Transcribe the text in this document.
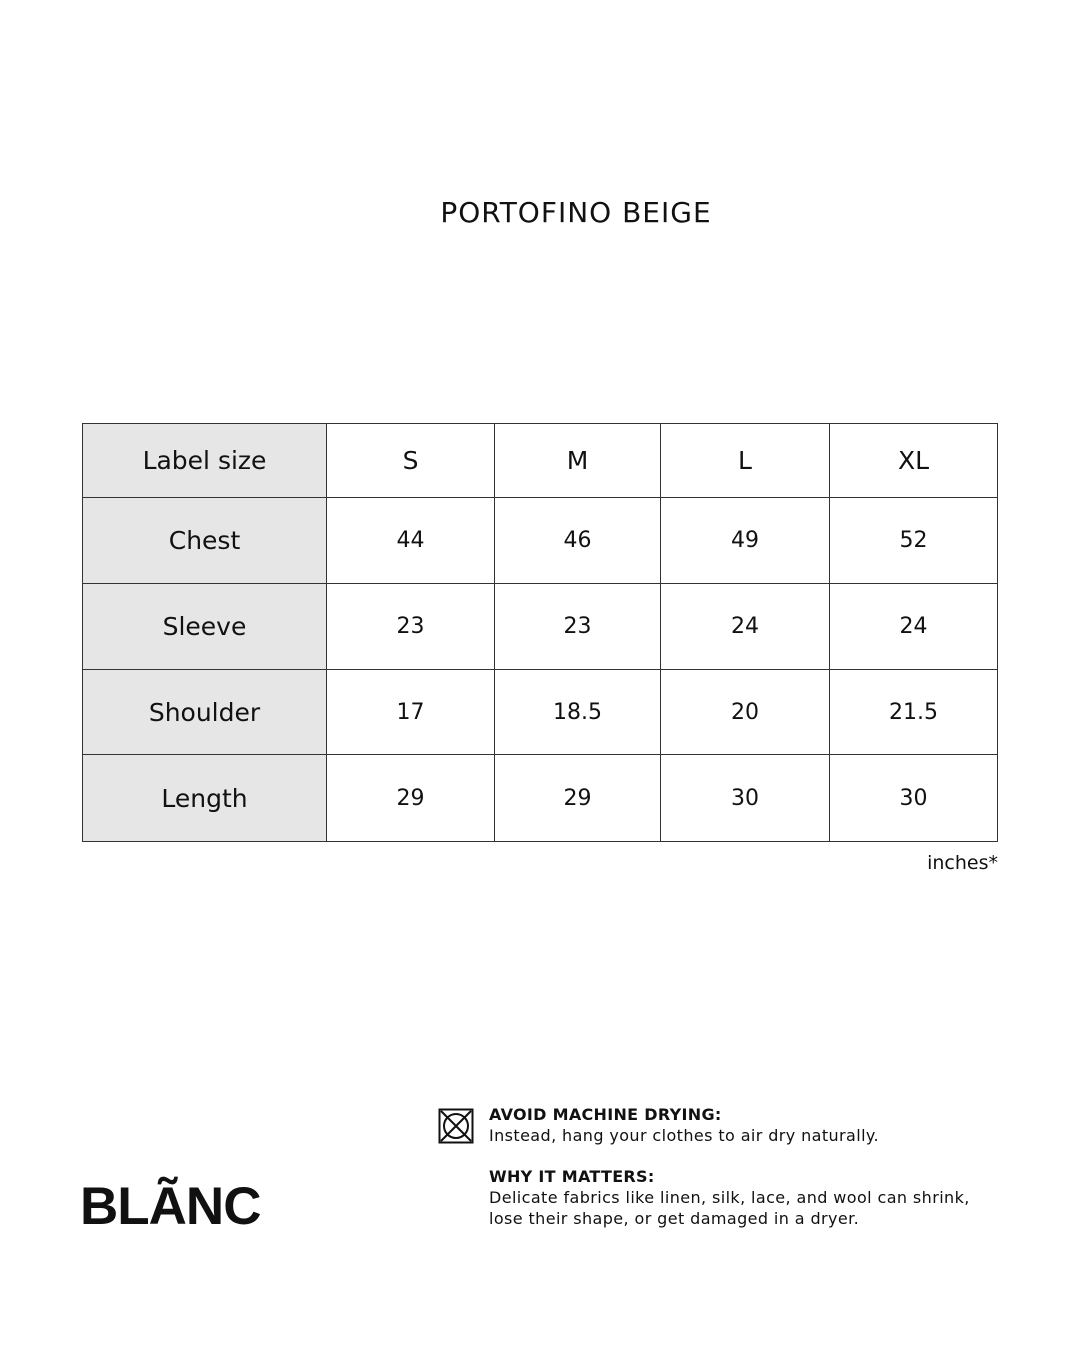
PORTOFINO BEIGE
Label size	S	M	L	XL
Chest	44	46	49	52
Sleeve	23	23	24	24
Shoulder	17	18.5	20	21.5
Length	29	29	30	30
inches*
BLÃNC
AVOID MACHINE DRYING:
Instead, hang your clothes to air dry naturally.
WHY IT MATTERS:
Delicate fabrics like linen, silk, lace, and wool can shrink,
lose their shape, or get damaged in a dryer.
